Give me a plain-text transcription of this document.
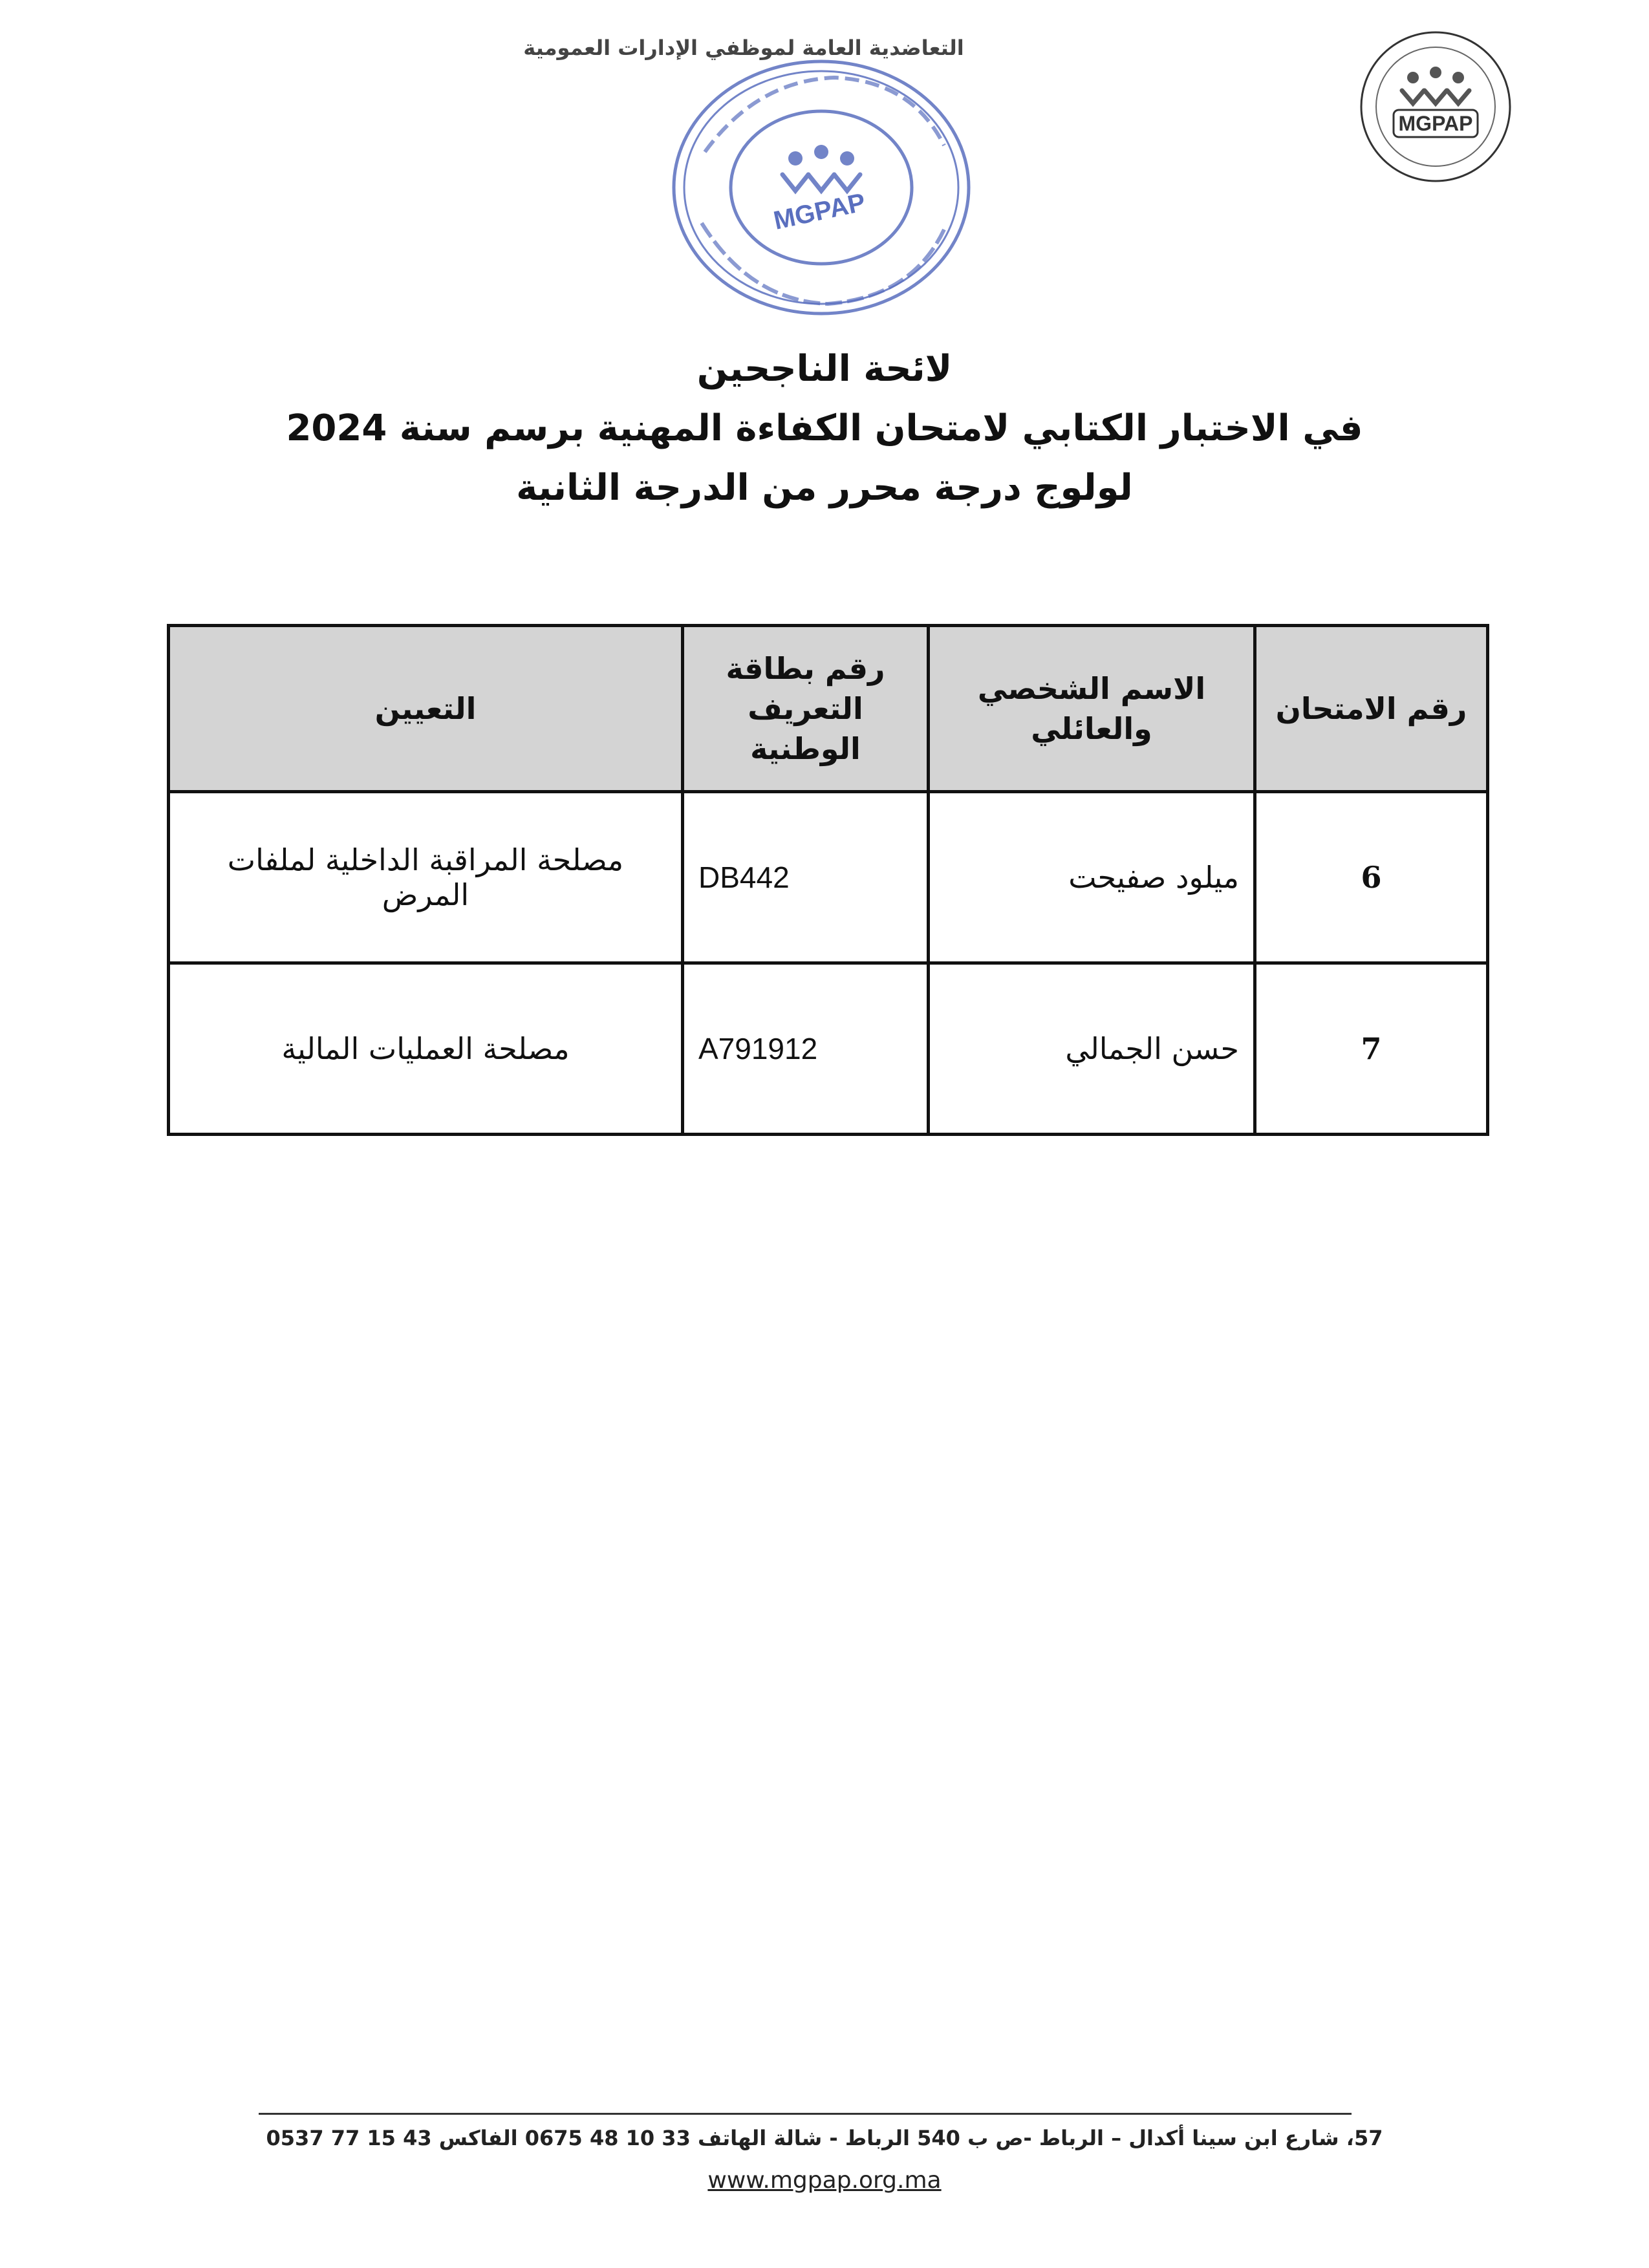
التعاضدية العامة لموظفي الإدارات العمومية
MGPAP
MGPAP
لائحة الناجحين
في الاختبار الكتابي لامتحان الكفاءة المهنية برسم سنة 2024
لولوج درجة محرر من الدرجة الثانية
رقم الامتحان	الاسم الشخصي والعائلي	رقم بطاقة التعريف الوطنية	التعيين
6	ميلود صفيحت	DB442	مصلحة المراقبة الداخلية لملفات المرض
7	حسن الجمالي	A791912	مصلحة العمليات المالية
57، شارع ابن سينا أكدال – الرباط -ص ب 540 الرباط - شالة الهاتف 33 10 48 0675 الفاكس 43 15 77 0537
www.mgpap.org.ma
